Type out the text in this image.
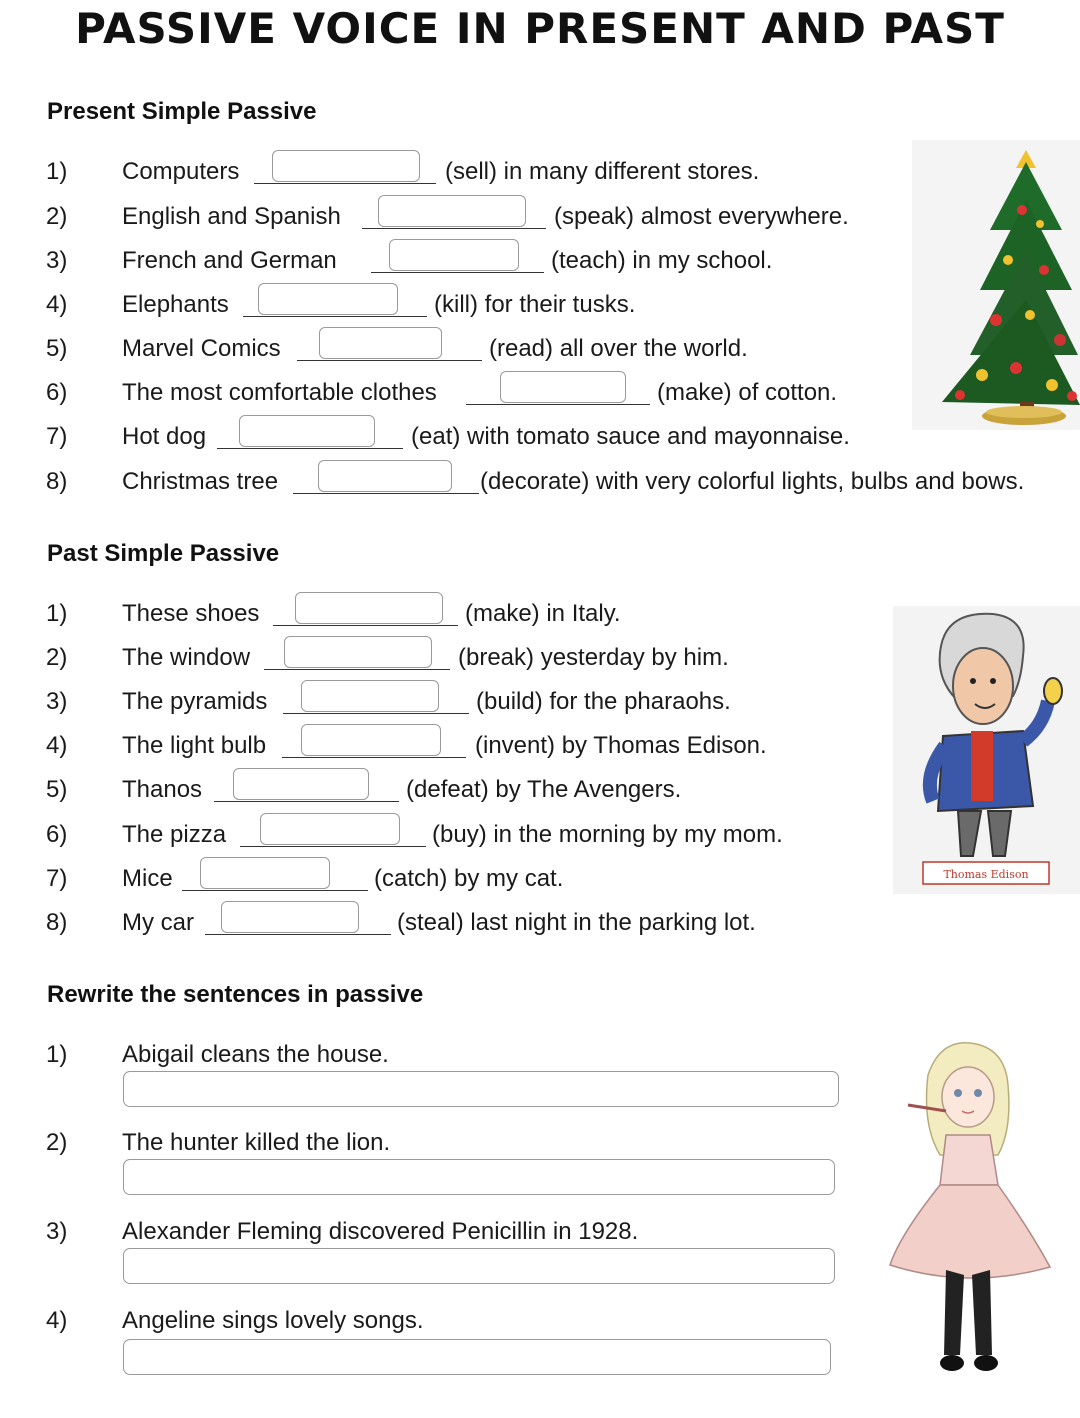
PASSIVE VOICE IN PRESENT AND PAST
Present Simple Passive
1) Computers	(sell) in many different stores.
2) English and Spanish	(speak) almost everywhere.
3) French and German	(teach) in my school.
4) Elephants	(kill) for their tusks.
5) Marvel Comics	(read) all over the world.
6) The most comfortable clothes	(make) of cotton.
7) Hot dog	(eat) with tomato sauce and mayonnaise.
8) Christmas tree	(decorate) with very colorful lights, bulbs and bows.
Past Simple Passive
1) These shoes	(make) in Italy.
2) The window	(break) yesterday by him.
3) The pyramids	(build) for the pharaohs.
4) The light bulb	(invent) by Thomas Edison.
5) Thanos	(defeat) by The Avengers.
6) The pizza	(buy) in the morning by my mom.
7) Mice	(catch) by my cat.
8) My car	(steal) last night in the parking lot.
Thomas Edison
Rewrite the sentences in passive
1) Abigail cleans the house.
2) The hunter killed the lion.
3) Alexander Fleming discovered Penicillin in 1928.
4) Angeline sings lovely songs.
